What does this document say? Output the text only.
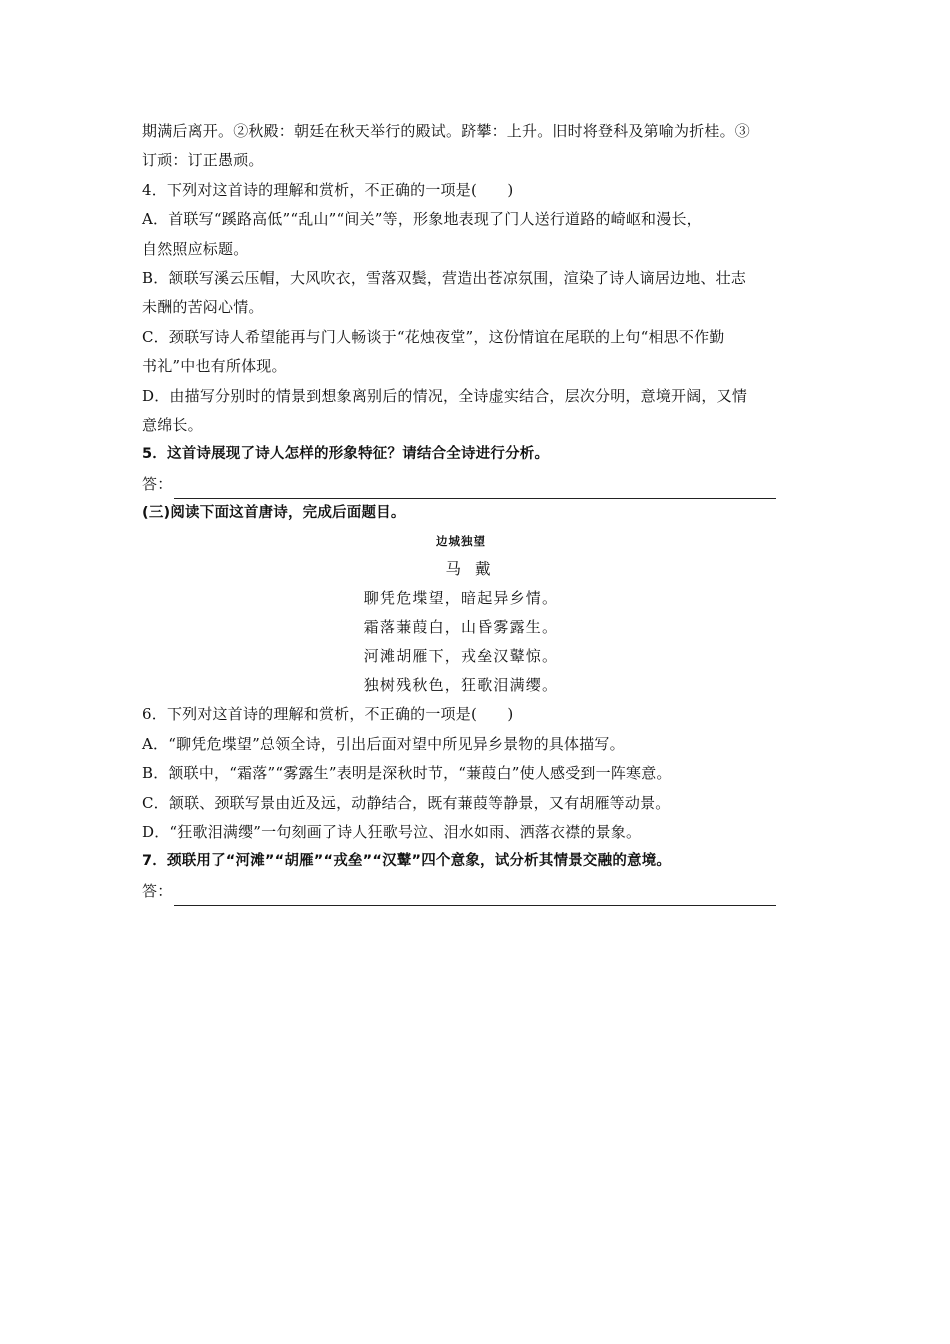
期满后离开。②秋殿：朝廷在秋天举行的殿试。跻攀：上升。旧时将登科及第喻为折桂。③
订顽：订正愚顽。
4．下列对这首诗的理解和赏析，不正确的一项是(　　)
A．首联写“蹊路高低”“乱山”“间关”等，形象地表现了门人送行道路的崎岖和漫长，
自然照应标题。
B．颔联写溪云压帽，大风吹衣，雪落双鬓，营造出苍凉氛围，渲染了诗人谪居边地、壮志
未酬的苦闷心情。
C．颈联写诗人希望能再与门人畅谈于“花烛夜堂”，这份情谊在尾联的上句“相思不作勤
书礼”中也有所体现。
D．由描写分别时的情景到想象离别后的情况，全诗虚实结合，层次分明，意境开阔，又情
意绵长。
5．这首诗展现了诗人怎样的形象特征？请结合全诗进行分析。
答：
(三)阅读下面这首唐诗，完成后面题目。
边城独望
马戴
聊凭危堞望，暗起异乡情。
霜落蒹葭白，山昏雾露生。
河滩胡雁下，戎垒汉鼙惊。
独树残秋色，狂歌泪满缨。
6．下列对这首诗的理解和赏析，不正确的一项是(　　)
A．“聊凭危堞望”总领全诗，引出后面对望中所见异乡景物的具体描写。
B．颔联中，“霜落”“雾露生”表明是深秋时节，“蒹葭白”使人感受到一阵寒意。
C．颔联、颈联写景由近及远，动静结合，既有蒹葭等静景，又有胡雁等动景。
D．“狂歌泪满缨”一句刻画了诗人狂歌号泣、泪水如雨、洒落衣襟的景象。
7．颈联用了“河滩”“胡雁”“戎垒”“汉鼙”四个意象，试分析其情景交融的意境。
答：
